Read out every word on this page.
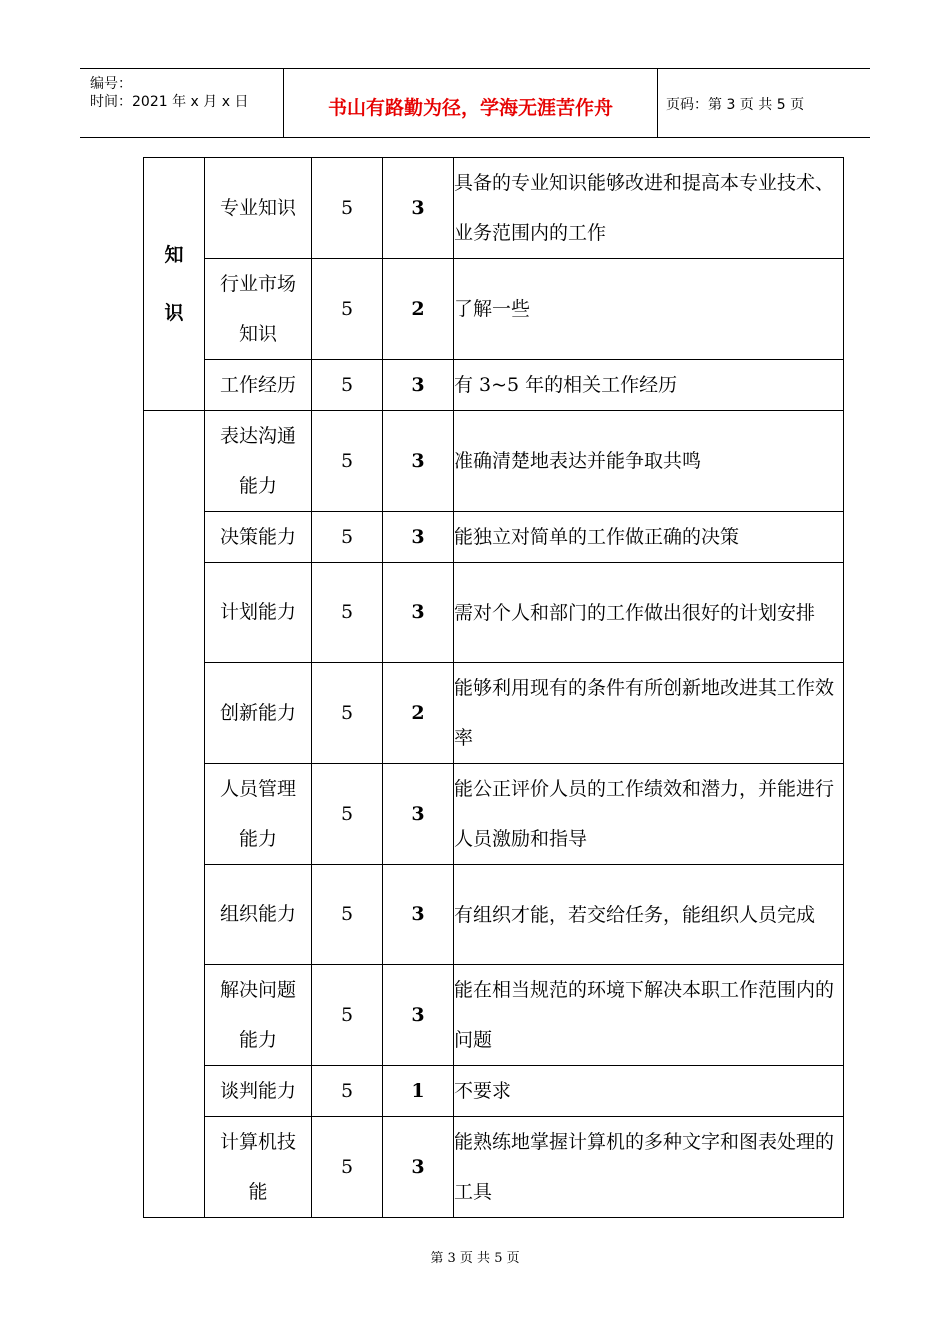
编号：
时间：2021 年 x 月 x 日	书山有路勤为径，学海无涯苦作舟	页码：第 3 页 共 5 页
知
识	专业知识	5	3	具备的专业知识能够改进和提高本专业技术、业务范围内的工作

	行业市场
知识	5	2	了解一些
	工作经历	5	3	有 3~5 年的相关工作经历

	表达沟通
能力	5	3	准确清楚地表达并能争取共鸣
	决策能力	5	3	能独立对简单的工作做正确的决策
	计划能力	5	3	需对个人和部门的工作做出很好的计划安排
	创新能力	5	2	能够利用现有的条件有所创新地改进其工作效率

	人员管理
能力	5	3	能公正评价人员的工作绩效和潜力，并能进行人员激励和指导
	组织能力	5	3	有组织才能，若交给任务，能组织人员完成

	解决问题
能力	5	3	能在相当规范的环境下解决本职工作范围内的问题
	谈判能力	5	1	不要求

	计算机技
能	5	3	能熟练地掌握计算机的多种文字和图表处理的工具
第 3 页 共 5 页
